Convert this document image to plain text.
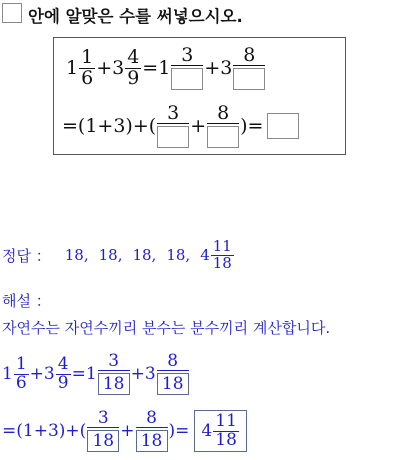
안에 알맞은 수를 써넣으시오.
$1 \frac{1}{6} + 3 \frac{4}{9} = 1$
3
+ 3
8
= (1+3) + (
3
+
8
) =
정답 ： 18, 18, 18, 18, $4 \frac{11}{18}$
해설 ：
자연수는 자연수끼리 분수는 분수끼리 계산합니다.
$1 \frac{1}{6} + 3 \frac{4}{9} = 1 \frac{3}{18} + 3 \frac{8}{18}$
= (1+3) + ( $\frac{3}{18} + \frac{8}{18}$ ) = $4 \frac{11}{18}$
